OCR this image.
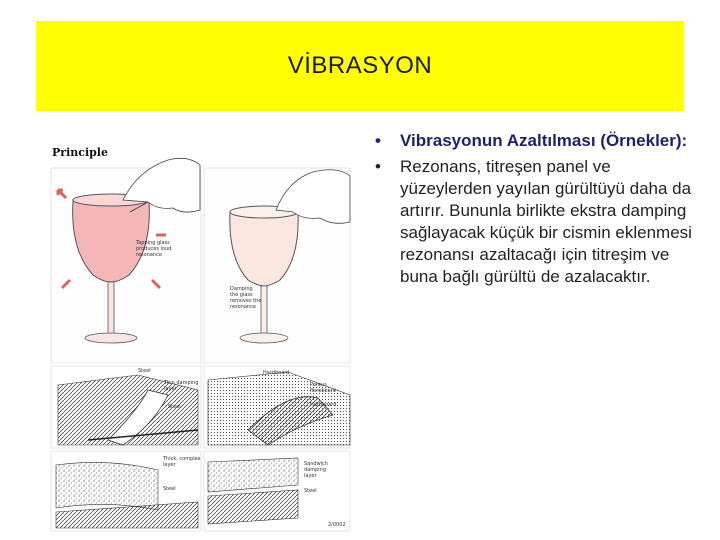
VİBRASYON
Principle
Tapping glass
produces loud
resonance
Damping
the glass
removes the
resonance
Steel
Thin damping
layer
Steel
Hardboard
Porous
fibreboard
Hardboard
Thick, complex
layer
Steel
Sandwich
damping
layer
Steel
2/0002
• Vibrasyonun Azaltılması (Örnekler):
• Rezonans, titreşen panel ve yüzeylerden yayılan gürültüyü daha da artırır. Bununla birlikte ekstra damping sağlayacak küçük bir cismin eklenmesi rezonansı azaltacağı için titreşim ve buna bağlı gürültü de azalacaktır.
